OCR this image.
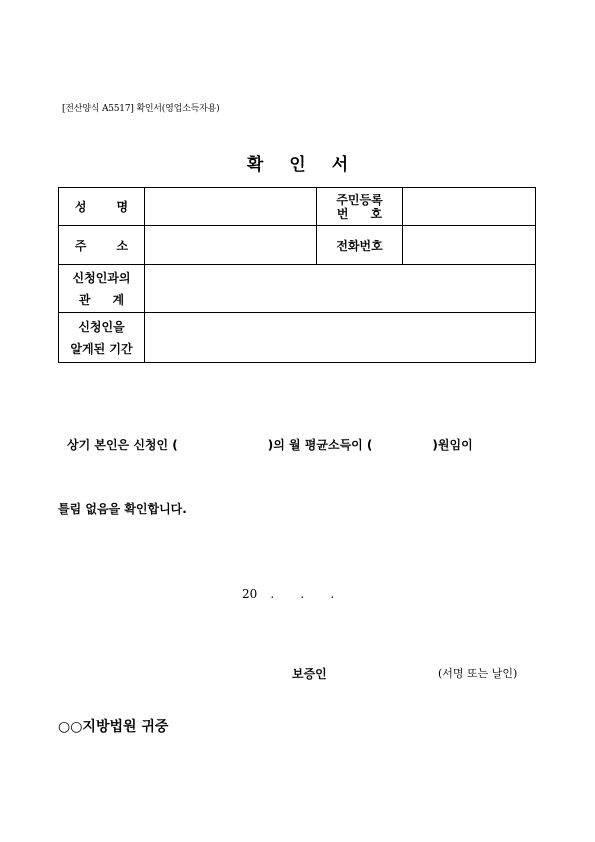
[전산양식 A5517] 확인서(영업소득자용)
확 인 서
성 명		주민등록
번 호	

주 소		전화번호	

신청인과의
관 계			

신청인을
알게된 기간			

상기 본인은 신청인 (	)의 월 평균소득이 (	)원임이
틀림 없음을 확인합니다.
20 . . .
보증인	(서명 또는 날인)
○○지방법원 귀중
